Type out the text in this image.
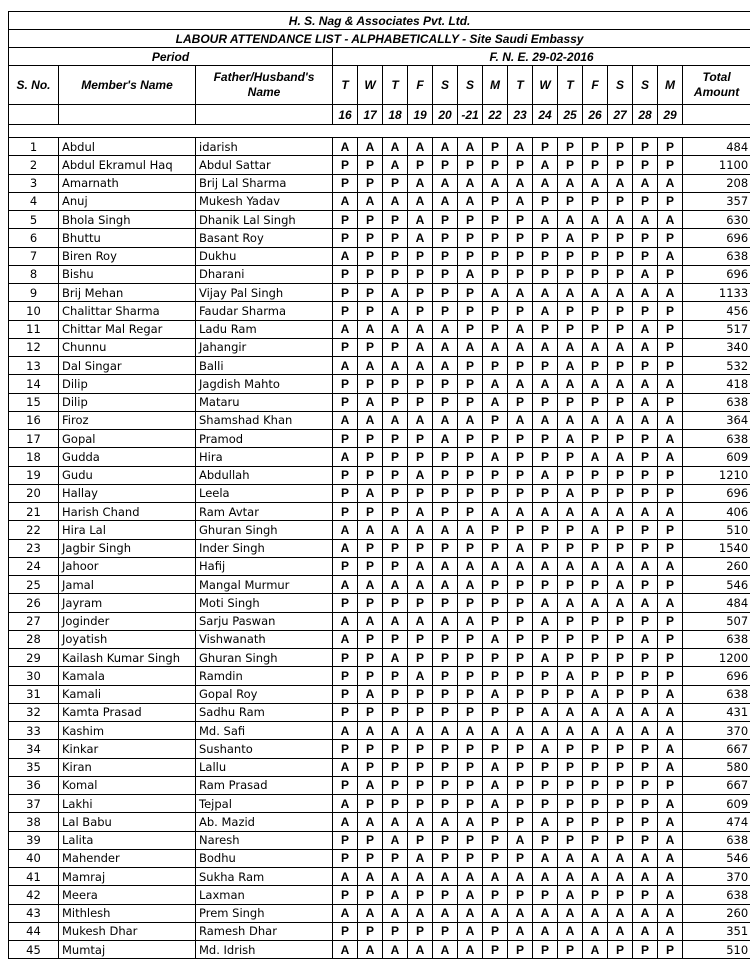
H. S. Nag & Associates Pvt. Ltd.																	
LABOUR ATTENDANCE LIST - ALPHABETICALLY - Site Saudi Embassy																	
Period			F. N. E. 29-02-2016														
S. No.	Member's Name	Father/Husband's Name	T	W	T	F	S	S	M	T	W	T	F	S	S	M	Total Amount
			16	17	18	19	20	-21	22	23	24	25	26	27	28	29	

1	Abdul	idarish	A	A	A	A	A	A	P	A	P	P	P	P	P	P	484
2	Abdul Ekramul Haq	Abdul Sattar	P	P	A	P	P	P	P	P	A	P	P	P	P	P	1100
3	Amarnath	Brij Lal Sharma	P	P	P	A	A	A	A	A	A	A	A	A	A	A	208
4	Anuj	Mukesh Yadav	A	A	A	A	A	A	P	A	P	P	P	P	P	P	357
5	Bhola Singh	Dhanik Lal Singh	P	P	P	A	P	P	P	P	A	A	A	A	A	A	630
6	Bhuttu	Basant Roy	P	P	P	A	P	P	P	P	P	A	P	P	P	P	696
7	Biren Roy	Dukhu	A	P	P	P	P	P	P	P	P	P	P	P	P	A	638
8	Bishu	Dharani	P	P	P	P	P	A	P	P	P	P	P	P	A	P	696
9	Brij Mehan	Vijay Pal Singh	P	P	A	P	P	P	A	A	A	A	A	A	A	A	1133
10	Chalittar Sharma	Faudar Sharma	P	P	A	P	P	P	P	P	A	P	P	P	P	P	456
11	Chittar Mal Regar	Ladu Ram	A	A	A	A	A	P	P	A	P	P	P	P	A	P	517
12	Chunnu	Jahangir	P	P	P	A	A	A	A	A	A	A	A	A	A	P	340
13	Dal Singar	Balli	A	A	A	A	A	P	P	P	P	A	P	P	P	P	532
14	Dilip	Jagdish Mahto	P	P	P	P	P	P	A	A	A	A	A	A	A	A	418
15	Dilip	Mataru	P	A	P	P	P	P	A	P	P	P	P	P	A	P	638
16	Firoz	Shamshad Khan	A	A	A	A	A	A	P	A	A	A	A	A	A	A	364
17	Gopal	Pramod	P	P	P	P	A	P	P	P	P	A	P	P	P	A	638
18	Gudda	Hira	A	P	P	P	P	P	A	P	P	P	A	A	P	A	609
19	Gudu	Abdullah	P	P	P	A	P	P	P	P	A	P	P	P	P	P	1210
20	Hallay	Leela	P	A	P	P	P	P	P	P	P	A	P	P	P	P	696
21	Harish Chand	Ram Avtar	P	P	P	A	P	P	A	A	A	A	A	A	A	A	406
22	Hira Lal	Ghuran Singh	A	A	A	A	A	A	P	P	P	P	A	P	P	P	510
23	Jagbir Singh	Inder Singh	A	P	P	P	P	P	P	A	P	P	P	P	P	P	1540
24	Jahoor	Hafij	P	P	P	A	A	A	A	A	A	A	A	A	A	A	260
25	Jamal	Mangal Murmur	A	A	A	A	A	A	P	P	P	P	P	A	P	P	546
26	Jayram	Moti Singh	P	P	P	P	P	P	P	P	A	A	A	A	A	A	484
27	Joginder	Sarju Paswan	A	A	A	A	A	A	P	P	A	P	P	P	P	P	507
28	Joyatish	Vishwanath	A	P	P	P	P	P	A	P	P	P	P	P	A	P	638
29	Kailash Kumar Singh	Ghuran Singh	P	P	A	P	P	P	P	P	A	P	P	P	P	P	1200
30	Kamala	Ramdin	P	P	P	A	P	P	P	P	P	A	P	P	P	P	696
31	Kamali	Gopal Roy	P	A	P	P	P	P	A	P	P	P	A	P	P	A	638
32	Kamta Prasad	Sadhu Ram	P	P	P	P	P	P	P	P	A	A	A	A	A	A	431
33	Kashim	Md. Safi	A	A	A	A	A	A	A	A	A	A	A	A	A	A	370
34	Kinkar	Sushanto	P	P	P	P	P	P	P	P	A	P	P	P	P	A	667
35	Kiran	Lallu	A	P	P	P	P	P	A	P	P	P	P	P	P	A	580
36	Komal	Ram Prasad	P	A	P	P	P	P	A	P	P	P	P	P	P	P	667
37	Lakhi	Tejpal	A	P	P	P	P	P	A	P	P	P	P	P	P	A	609
38	Lal Babu	Ab. Mazid	A	A	A	A	A	A	P	P	A	P	P	P	P	A	474
39	Lalita	Naresh	P	P	A	P	P	P	P	A	P	P	P	P	P	A	638
40	Mahender	Bodhu	P	P	P	A	P	P	P	P	A	A	A	A	A	A	546
41	Mamraj	Sukha Ram	A	A	A	A	A	A	A	A	A	A	A	A	A	A	370
42	Meera	Laxman	P	P	A	P	P	A	P	P	P	A	P	P	P	A	638
43	Mithlesh	Prem Singh	A	A	A	A	A	A	A	A	A	A	A	A	A	A	260
44	Mukesh Dhar	Ramesh Dhar	P	P	P	P	P	A	P	A	A	A	A	A	A	A	351
45	Mumtaj	Md. Idrish	A	A	A	A	A	A	P	P	P	P	A	P	P	P	510
